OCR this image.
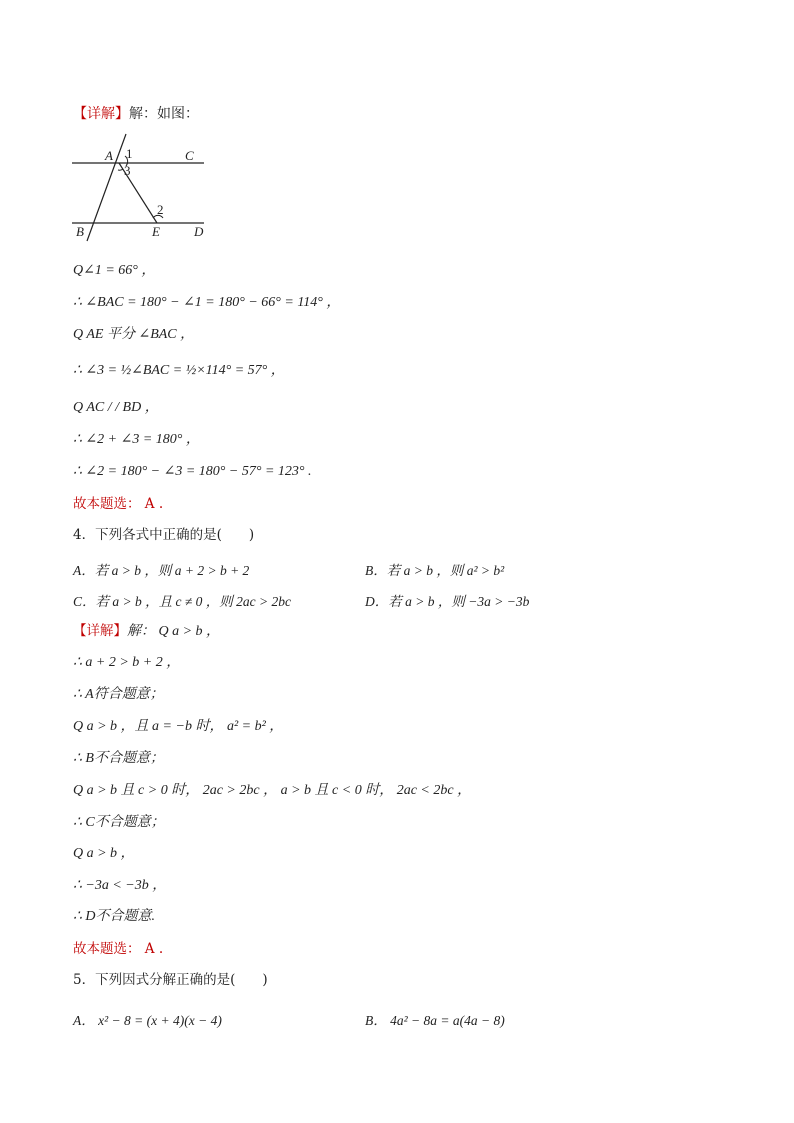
【详解】解：如图：
A 1	C
3
2
B	E	D
Q∠1 = 66° ，
∴ ∠BAC = 180° − ∠1 = 180° − 66° = 114° ，
Q AE 平分 ∠BAC ，
∴ ∠3 = ½∠BAC = ½×114° = 57° ，
Q AC / / BD ，
∴ ∠2 + ∠3 = 180° ，
∴ ∠2 = 180° − ∠3 = 180° − 57° = 123° .
故本题选： A .
4．下列各式中正确的是(　　)
A．若 a > b ，则 a + 2 > b + 2	B．若 a > b ，则 a² > b²
C．若 a > b ，且 c ≠ 0 ，则 2ac > 2bc	D．若 a > b ，则 −3a > −3b
【详解】解： Q a > b ，
∴ a + 2 > b + 2 ，
∴ A符合题意；
Q a > b ，且 a = −b 时， a² = b² ，
∴ B不合题意；
Q a > b 且 c > 0 时， 2ac > 2bc ， a > b 且 c < 0 时， 2ac < 2bc ，
∴ C不合题意；
Q a > b ，
∴ −3a < −3b ，
∴ D不合题意.
故本题选： A .
5．下列因式分解正确的是(　　)
A． x² − 8 = (x + 4)(x − 4)	B． 4a² − 8a = a(4a − 8)
